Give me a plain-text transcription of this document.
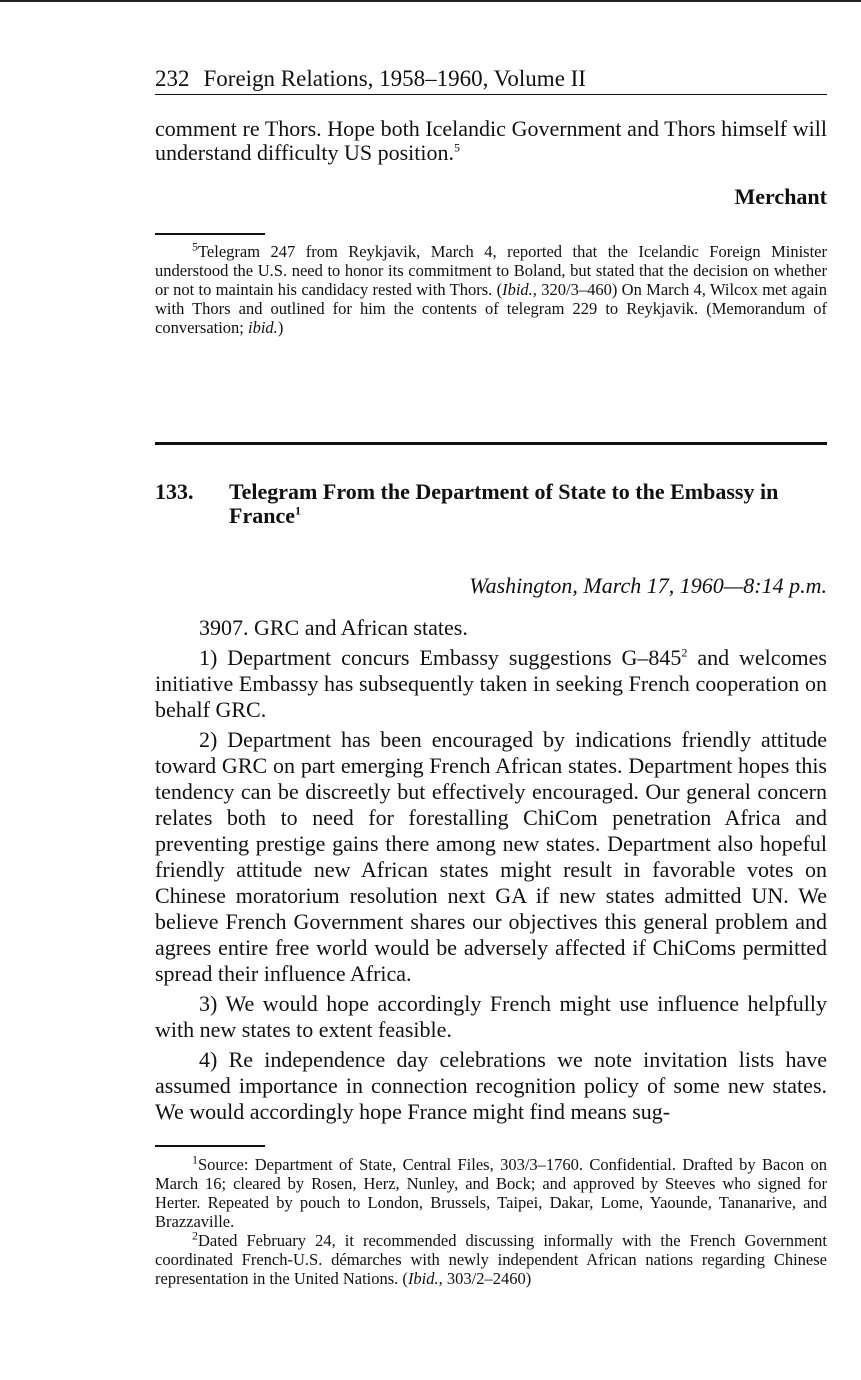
232 Foreign Relations, 1958–1960, Volume II

comment re Thors. Hope both Icelandic Government and Thors himself will understand difficulty US position.$^5$

Merchant

$^5$Telegram 247 from Reykjavik, March 4, reported that the Icelandic Foreign Minister understood the U.S. need to honor its commitment to Boland, but stated that the decision on whether or not to maintain his candidacy rested with Thors. (Ibid., 320/3–460) On March 4, Wilcox met again with Thors and outlined for him the contents of telegram 229 to Reykjavik. (Memorandum of conversation; ibid.)

133. Telegram From the Department of State to the Embassy in France$^1$
Washington, March 17, 1960—8:14 p.m.

3907. GRC and African states.

1) Department concurs Embassy suggestions $G-845^2$ and welcomes initiative Embassy has subsequently taken in seeking French cooperation on behalf GRC.

2) Department has been encouraged by indications friendly attitude toward GRC on part emerging French African states. Department hopes this tendency can be discreetly but effectively encouraged. Our general concern relates both to need for forestalling ChiCom penetration Africa and preventing prestige gains there among new states. Department also hopeful friendly attitude new African states might result in favorable votes on Chinese moratorium resolution next GA if new states admitted UN. We believe French Government shares our objectives this general problem and agrees entire free world would be adversely affected if ChiComs permitted spread their influence Africa.

3) We would hope accordingly French might use influence helpfully with new states to extent feasible.

4) Re independence day celebrations we note invitation lists have assumed importance in connection recognition policy of some new states. We would accordingly hope France might find means sug-

$^1$Source: Department of State, Central Files, 303/3–1760. Confidential. Drafted by Bacon on March 16; cleared by Rosen, Herz, Nunley, and Bock; and approved by Steeves who signed for Herter. Repeated by pouch to London, Brussels, Taipei, Dakar, Lome, Yaounde, Tananarive, and Brazzaville.

$^2$Dated February 24, it recommended discussing informally with the French Government coordinated French-U.S. démarches with newly independent African nations regarding Chinese representation in the United Nations. (Ibid., 303/2–2460)
